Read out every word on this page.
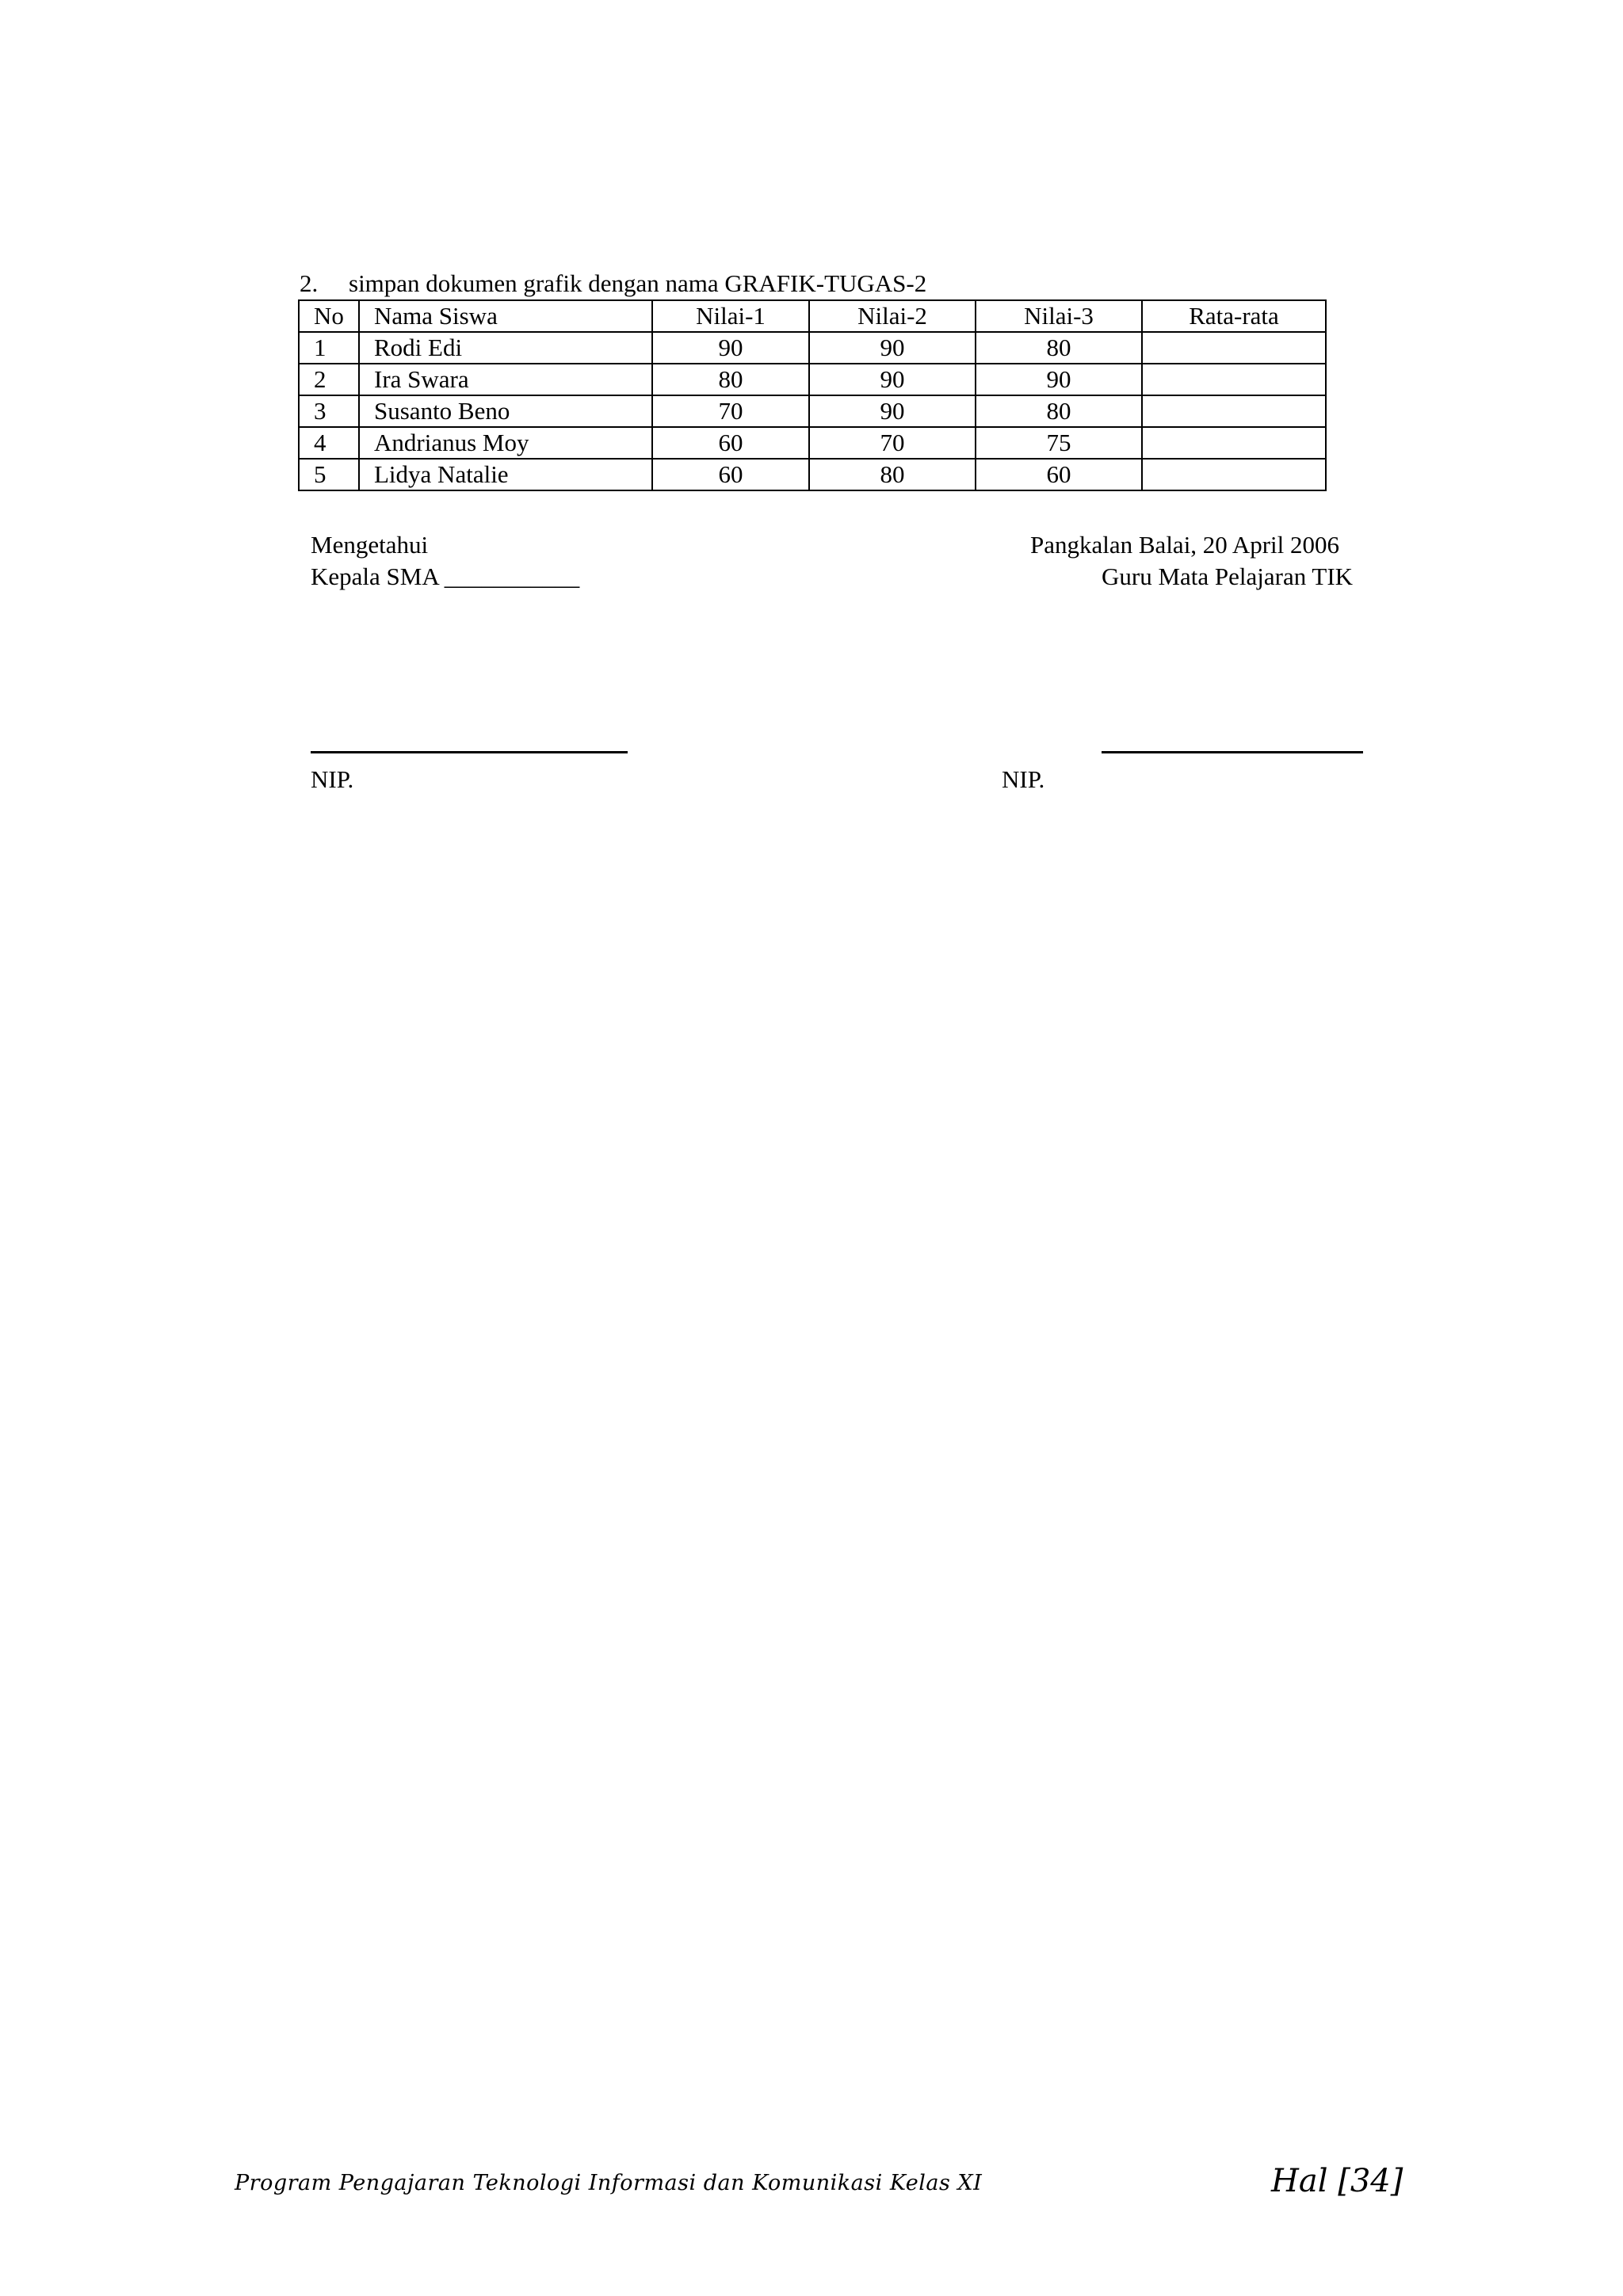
2. simpan dokumen grafik dengan nama GRAFIK-TUGAS-2
No	Nama Siswa	Nilai-1	Nilai-2	Nilai-3	Rata-rata
1	Rodi Edi	90	90	80	
2	Ira Swara	80	90	90	
3	Susanto Beno	70	90	80	
4	Andrianus Moy	60	70	75	
5	Lidya Natalie	60	80	60	
Mengetahui
Kepala SMA ___________
Pangkalan Balai, 20 April 2006
Guru Mata Pelajaran TIK
NIP.	NIP.
Program Pengajaran Teknologi Informasi dan Komunikasi Kelas XI	Hal [34]
